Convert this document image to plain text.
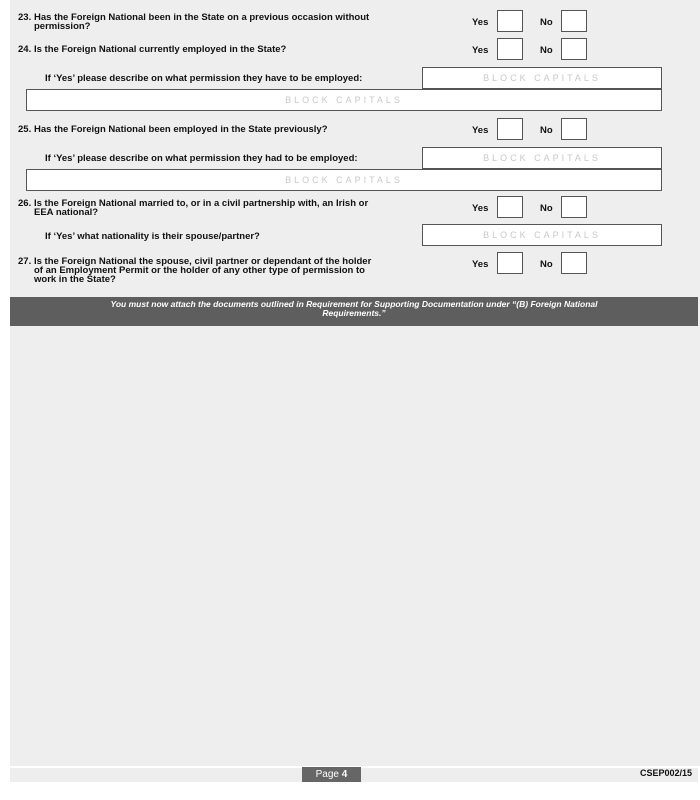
23. Has the Foreign National been in the State on a previous occasion without
permission?	Yes	No
24. Is the Foreign National currently employed in the State?	Yes	No
If ‘Yes’ please describe on what permission they have to be employed:	BLOCK CAPITALS
BLOCK CAPITALS
25. Has the Foreign National been employed in the State previously?	Yes	No
If ‘Yes’ please describe on what permission they had to be employed:	BLOCK CAPITALS
BLOCK CAPITALS
26. Is the Foreign National married to, or in a civil partnership with, an Irish or
EEA national?	Yes	No
If ‘Yes’ what nationality is their spouse/partner?	BLOCK CAPITALS
27. Is the Foreign National the spouse, civil partner or dependant of the holder
of an Employment Permit or the holder of any other type of permission to
work in the State?
Yes	No
You must now attach the documents outlined in Requirement for Supporting Documentation under “(B) Foreign National
Requirements.”
Page 4	CSEP002/15
